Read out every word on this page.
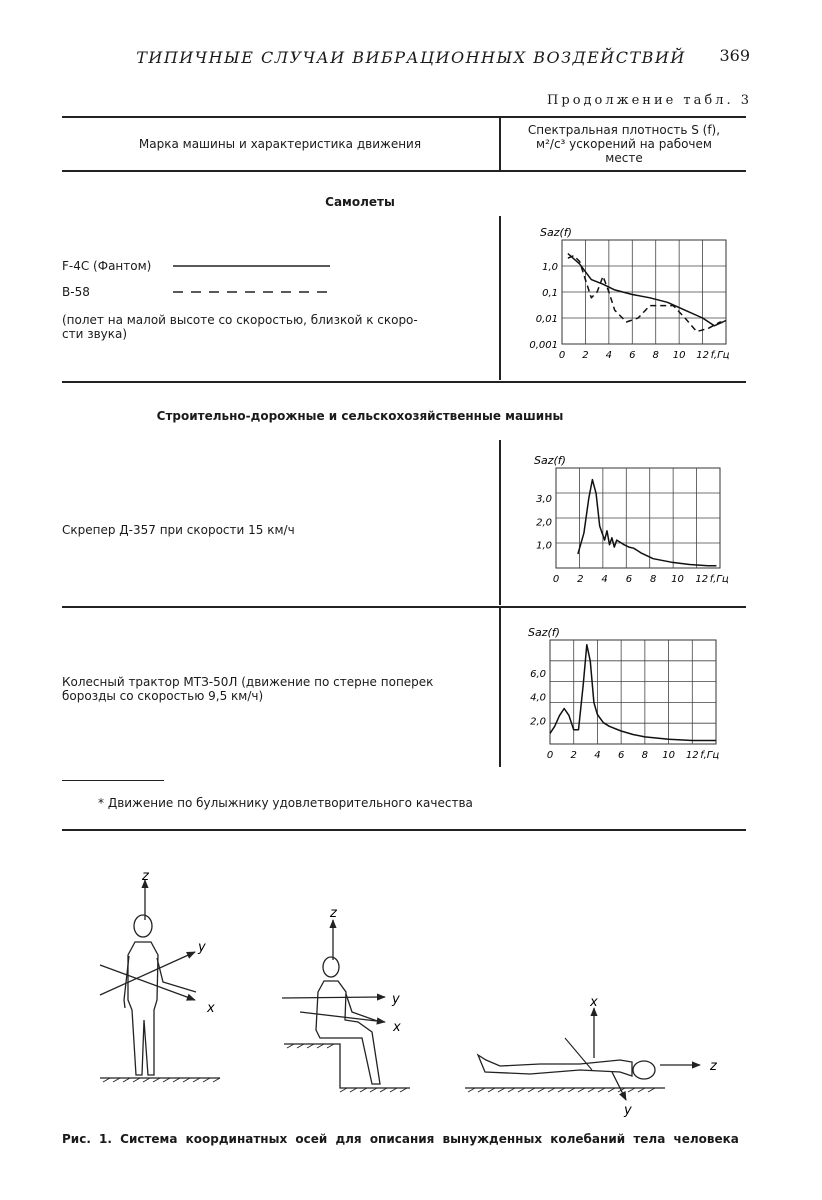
ТИПИЧНЫЕ СЛУЧАИ ВИБРАЦИОННЫХ ВОЗДЕЙСТВИЙ	369
Продолжение табл. 3
Марка машины и характеристика движения
Спектральная плотность S (f),
м²/с³ ускорений на рабочем
месте
Самолеты
F-4C (Фантом)
B-58
(полет на малой высоте со скоростью, близкой к скоро-
сти звука)
Saz(f)
1,0
0,1
0,01
0,001
0 2 4 6 8 10 12 f,Гц
Строительно-дорожные и сельскохозяйственные машины
Скрепер Д-357 при скорости 15 км/ч
Saz(f)
3,0
2,0
1,0
0 2 4 6 8 10 12 f,Гц
Колесный трактор МТЗ-50Л (движение по стерне поперек
борозды со скоростью 9,5 км/ч)
Saz(f)
6,0
4,0
2,0
0 2 4 6 8 10 12 f,Гц
* Движение по булыжнику удовлетворительного качества
z
y
x
z
y
x
x
z
y
Рис. 1. Система координатных осей для описания вынужденных колебаний тела человека
